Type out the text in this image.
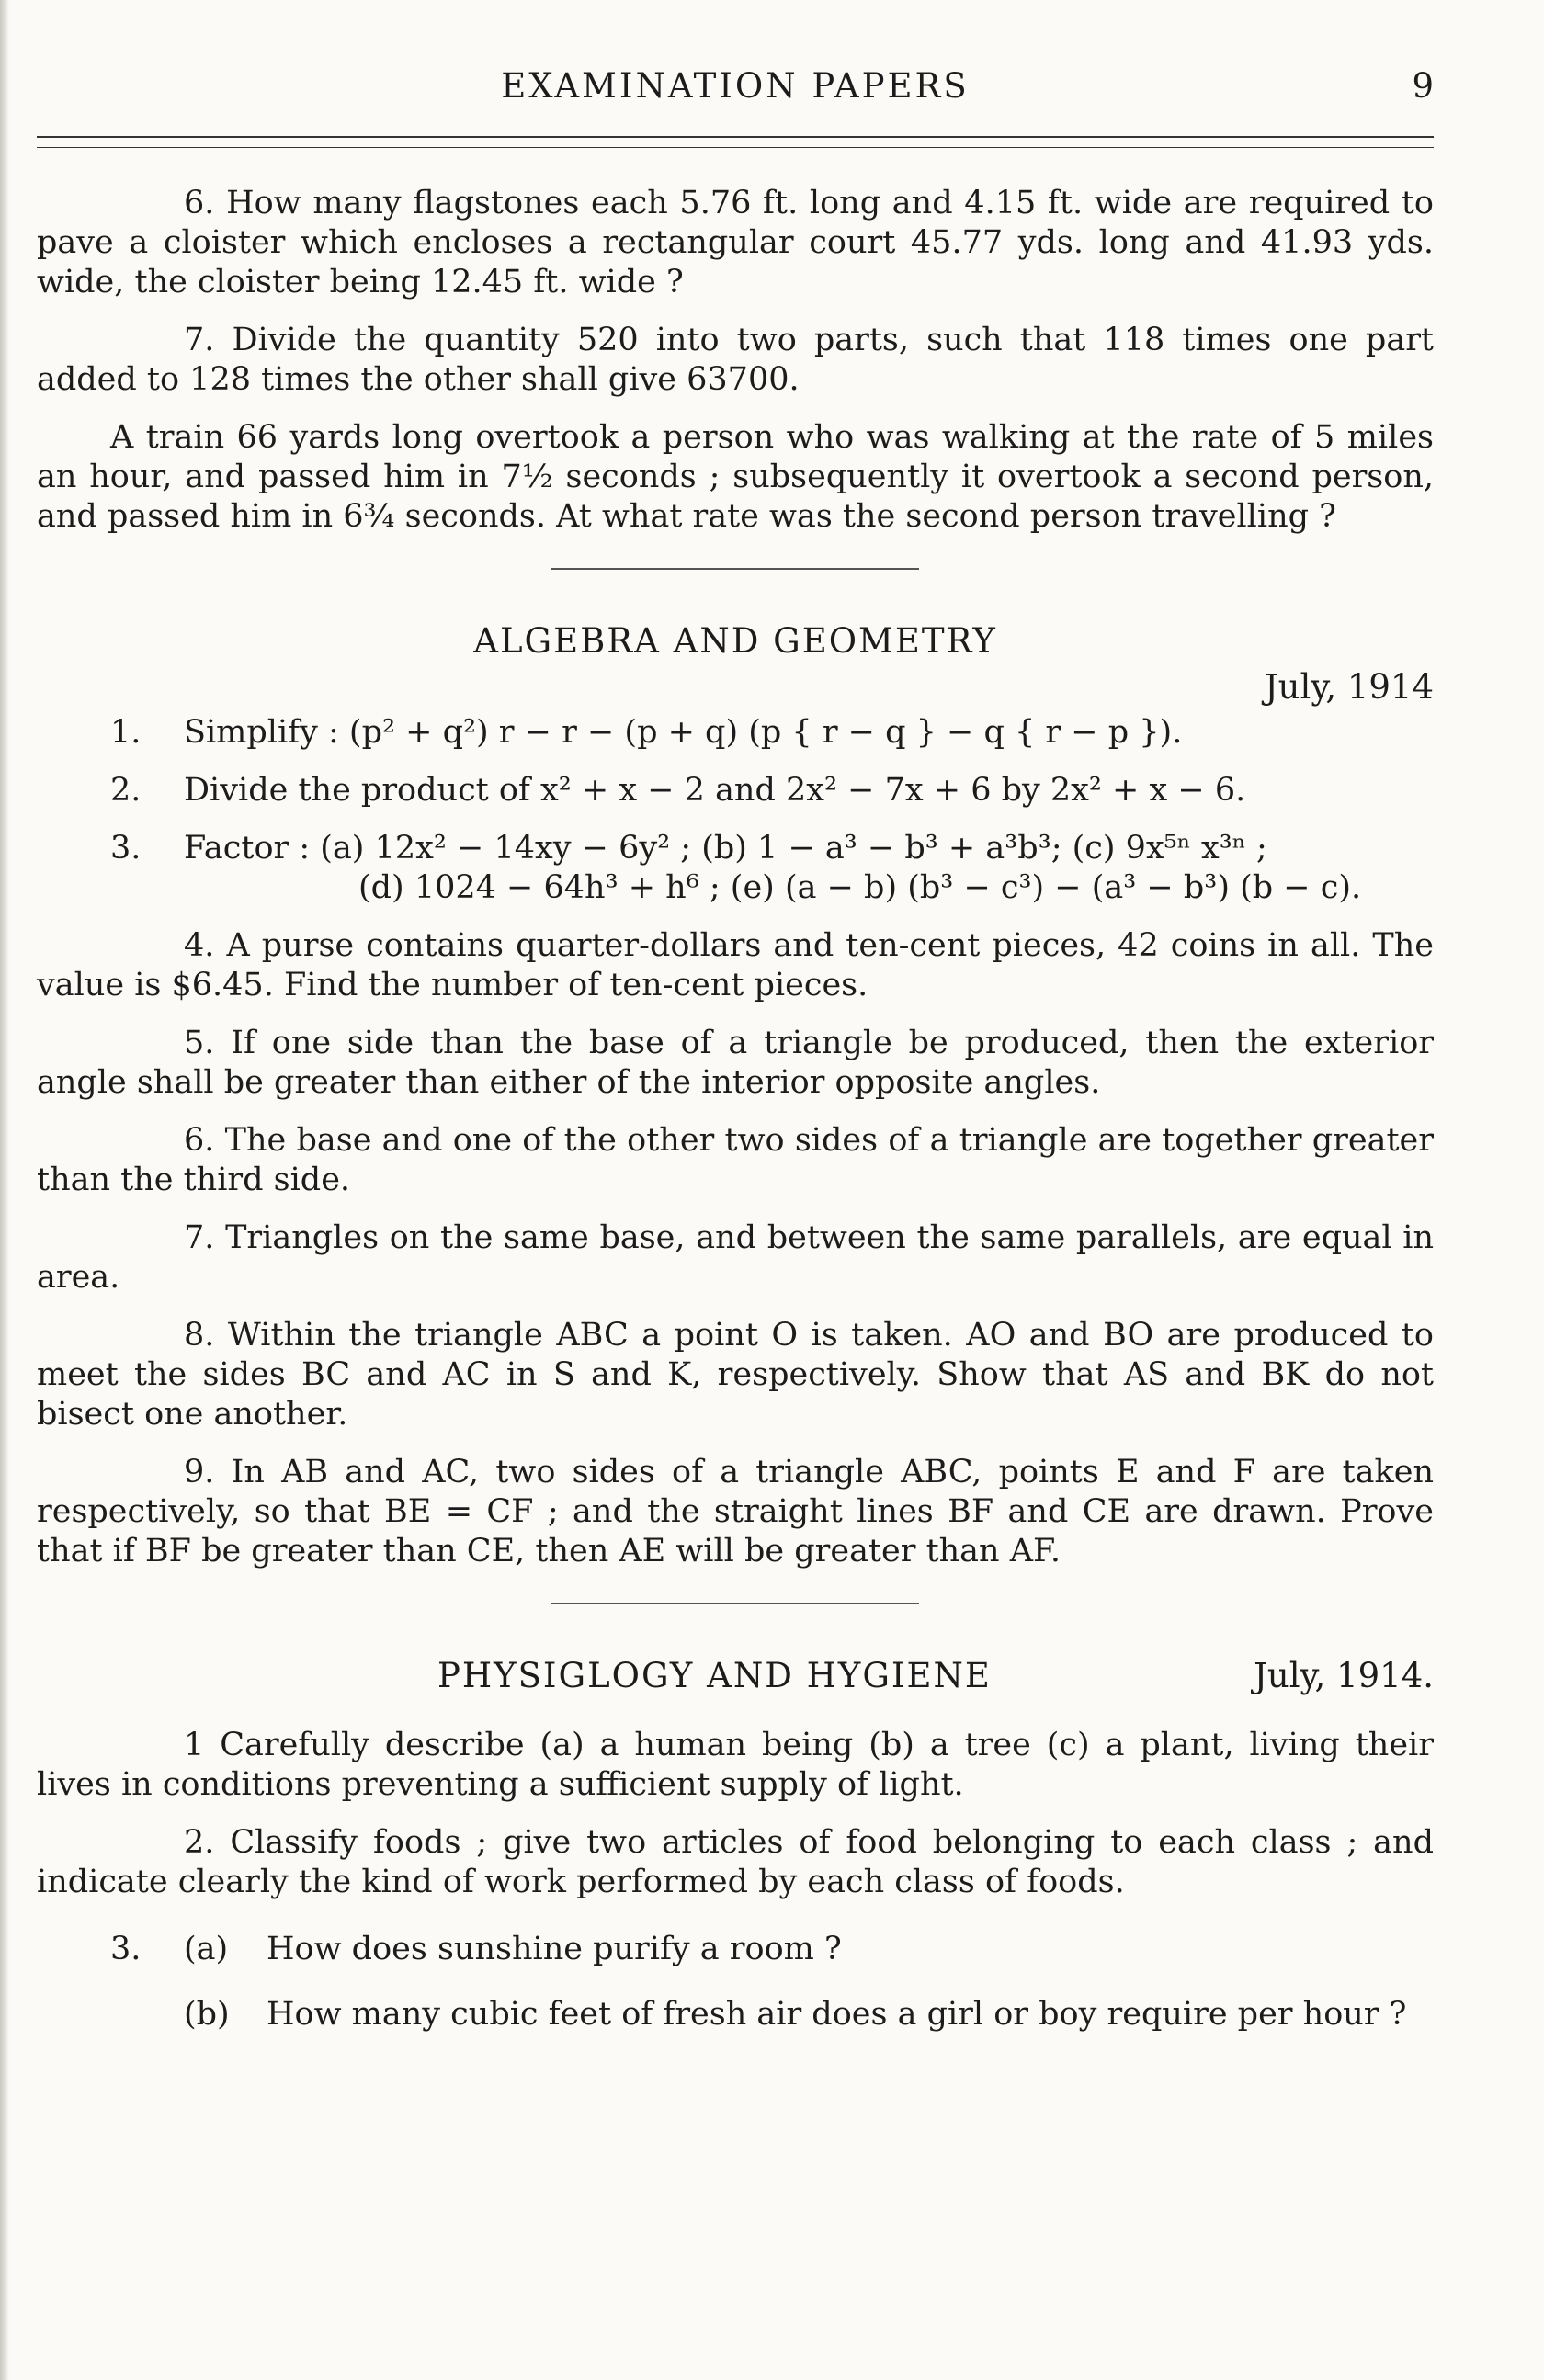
EXAMINATION PAPERS	9

6. How many flagstones each 5.76 ft. long and 4.15 ft. wide are required to pave a cloister which encloses a rectangular court 45.77 yds. long and 41.93 yds. wide, the cloister being 12.45 ft. wide ?

7. Divide the quantity 520 into two parts, such that 118 times one part added to 128 times the other shall give 63700.

A train 66 yards long overtook a person who was walking at the rate of 5 miles an hour, and passed him in 7½ seconds ; subsequently it overtook a second person, and passed him in 6¾ seconds. At what rate was the second person travelling ?

ALGEBRA AND GEOMETRY
July, 1914
1. Simplify : (p² + q²) r − r − (p + q) (p { r − q } − q { r − p }).
2. Divide the product of x² + x − 2 and 2x² − 7x + 6 by 2x² + x − 6.
3. Factor : (a) 12x² − 14xy − 6y² ; (b) 1 − a³ − b³ + a³b³; (c) 9x⁵ⁿ x³ⁿ ;
(d) 1024 − 64h³ + h⁶ ; (e) (a − b) (b³ − c³) − (a³ − b³) (b − c).

4. A purse contains quarter-dollars and ten-cent pieces, 42 coins in all. The value is $6.45. Find the number of ten-cent pieces.

5. If one side than the base of a triangle be produced, then the exterior angle shall be greater than either of the interior opposite angles.

6. The base and one of the other two sides of a triangle are together greater than the third side.

7. Triangles on the same base, and between the same parallels, are equal in area.

8. Within the triangle ABC a point O is taken. AO and BO are produced to meet the sides BC and AC in S and K, respectively. Show that AS and BK do not bisect one another.

9. In AB and AC, two sides of a triangle ABC, points E and F are taken respectively, so that BE = CF ; and the straight lines BF and CE are drawn. Prove that if BF be greater than CE, then AE will be greater than AF.

PHYSIGLOGY AND HYGIENE	July, 1914.

1 Carefully describe (a) a human being (b) a tree (c) a plant, living their lives in conditions preventing a sufficient supply of light.

2. Classify foods ; give two articles of food belonging to each class ; and indicate clearly the kind of work performed by each class of foods.

3. (a) How does sunshine purify a room ?
(b) How many cubic feet of fresh air does a girl or boy require per hour ?
